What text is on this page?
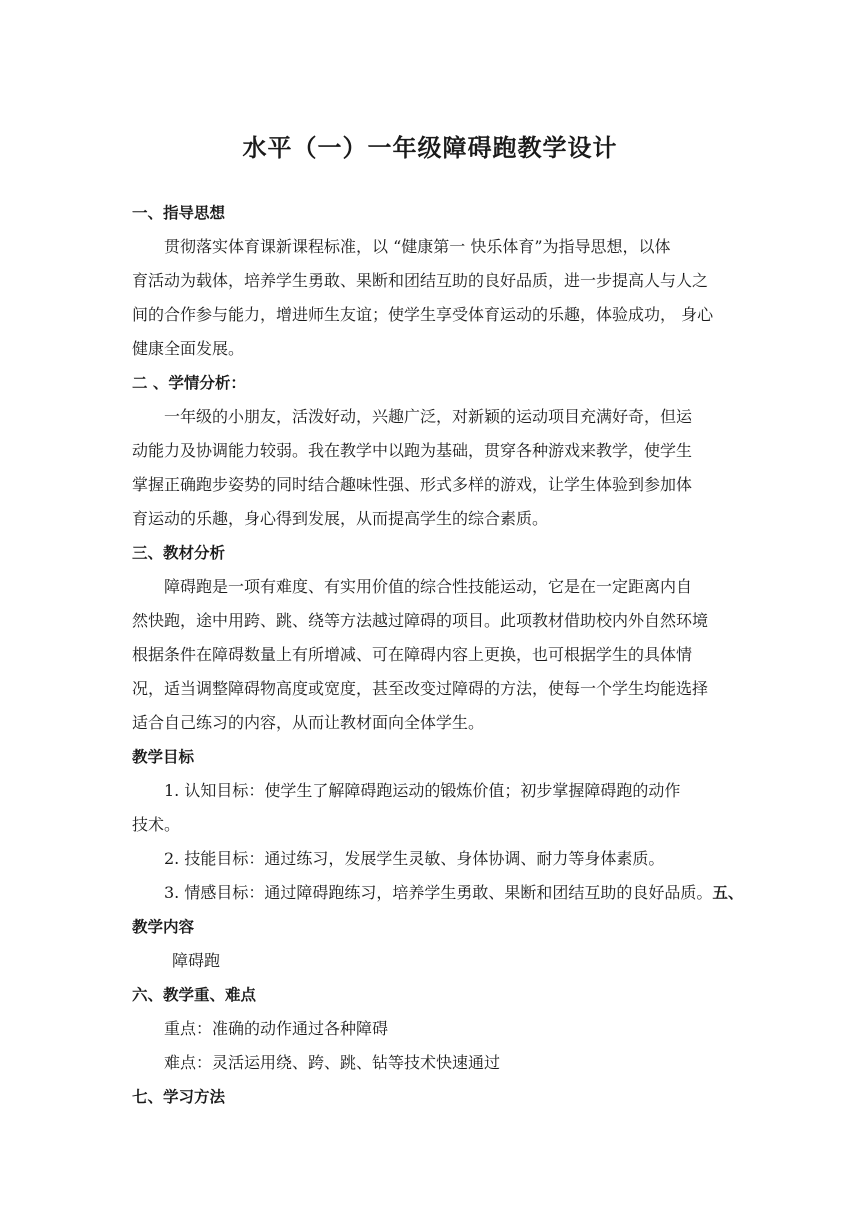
水平（一）一年级障碍跑教学设计
一、指导思想
贯彻落实体育课新课程标准，以 “健康第一 快乐体育”为指导思想，以体
育活动为载体，培养学生勇敢、果断和团结互助的良好品质，进一步提高人与人之
间的合作参与能力，增进师生友谊；使学生享受体育运动的乐趣，体验成功， 身心
健康全面发展。
二 、学情分析：
一年级的小朋友，活泼好动，兴趣广泛，对新颖的运动项目充满好奇，但运
动能力及协调能力较弱。我在教学中以跑为基础，贯穿各种游戏来教学，使学生
掌握正确跑步姿势的同时结合趣味性强、形式多样的游戏，让学生体验到参加体
育运动的乐趣，身心得到发展，从而提高学生的综合素质。
三、教材分析
障碍跑是一项有难度、有实用价值的综合性技能运动，它是在一定距离内自
然快跑，途中用跨、跳、绕等方法越过障碍的项目。此项教材借助校内外自然环境
根据条件在障碍数量上有所增减、可在障碍内容上更换，也可根据学生的具体情
况，适当调整障碍物高度或宽度，甚至改变过障碍的方法，使每一个学生均能选择
适合自己练习的内容，从而让教材面向全体学生。
教学目标
1. 认知目标：使学生了解障碍跑运动的锻炼价值；初步掌握障碍跑的动作
技术。
2. 技能目标：通过练习，发展学生灵敏、身体协调、耐力等身体素质。
3. 情感目标：通过障碍跑练习，培养学生勇敢、果断和团结互助的良好品质。五、
教学内容
障碍跑
六、教学重、难点
重点：准确的动作通过各种障碍
难点：灵活运用绕、跨、跳、钻等技术快速通过
七、学习方法
